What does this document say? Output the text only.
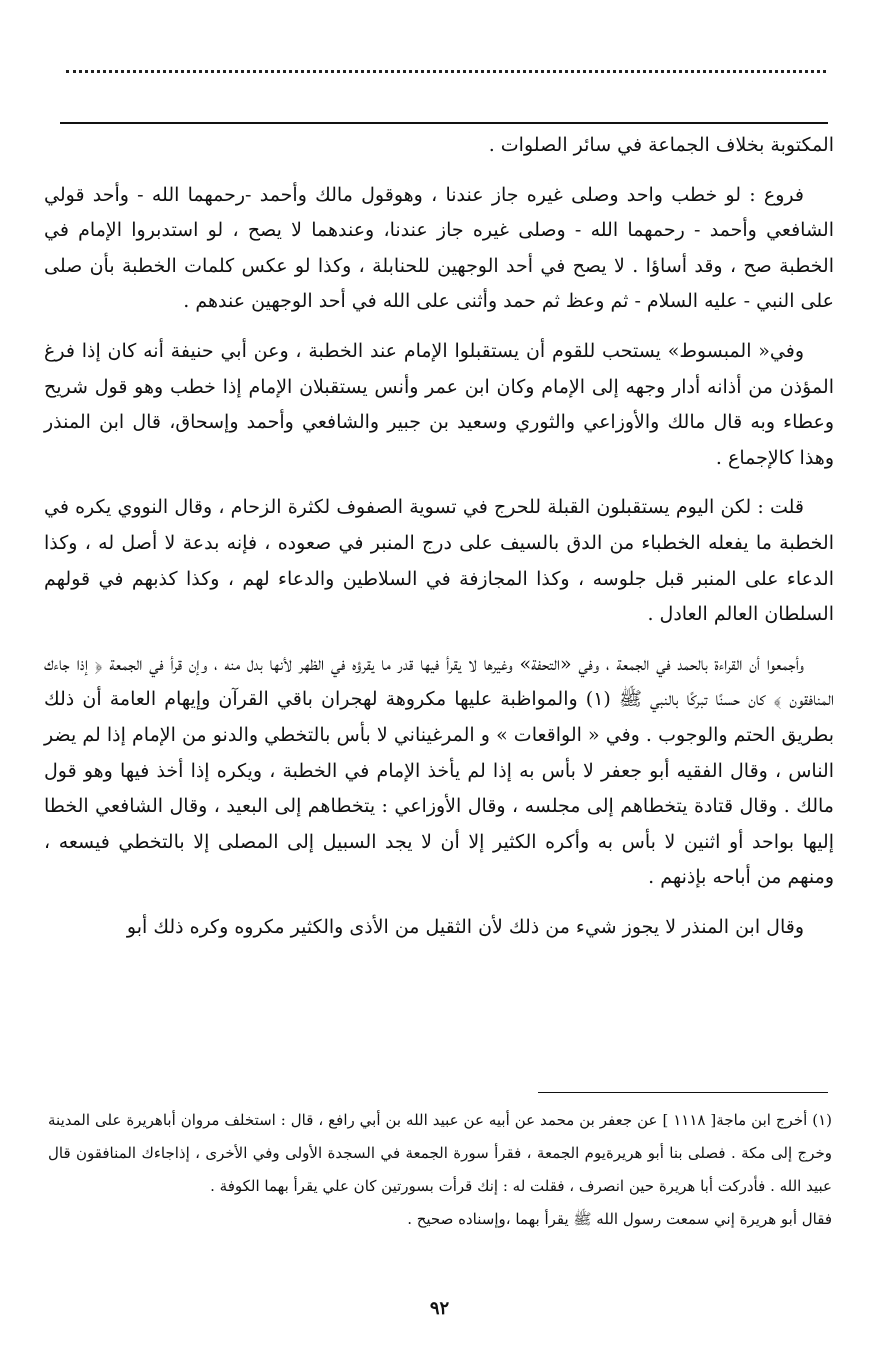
المكتوبة بخلاف الجماعة في سائر الصلوات .

فروع : لو خطب واحد وصلى غيره جاز عندنا ، وهوقول مالك وأحمد -رحمهما الله - وأحد قولي الشافعي وأحمد - رحمهما الله - وصلى غيره جاز عندنا، وعندهما لا يصح ، لو استدبروا الإمام في الخطبة صح ، وقد أساؤا . لا يصح في أحد الوجهين للحنابلة ، وكذا لو عكس كلمات الخطبة بأن صلى على النبي - عليه السلام - ثم وعظ ثم حمد وأثنى على الله في أحد الوجهين عندهم .

وفي« المبسوط» يستحب للقوم أن يستقبلوا الإمام عند الخطبة ، وعن أبي حنيفة أنه كان إذا فرغ المؤذن من أذانه أدار وجهه إلى الإمام وكان ابن عمر وأنس يستقبلان الإمام إذا خطب وهو قول شريح وعطاء وبه قال مالك والأوزاعي والثوري وسعيد بن جبير والشافعي وأحمد وإسحاق، قال ابن المنذر وهذا كالإجماع .

قلت : لكن اليوم يستقبلون القبلة للحرج في تسوية الصفوف لكثرة الزحام ، وقال النووي يكره في الخطبة ما يفعله الخطباء من الدق بالسيف على درج المنبر في صعوده ، فإنه بدعة لا أصل له ، وكذا الدعاء على المنبر قبل جلوسه ، وكذا المجازفة في السلاطين والدعاء لهم ، وكذا كذبهم في قولهم السلطان العالم العادل .

وأجمعوا أن القراءة بالحمد في الجمعة ، وفي «التحفة» وغيرها لا يقرأ فيها قدر ما يقرؤه في الظهر لأنها بدل منه ، وإن قرأ في الجمعة ﴿ إذا جاءك المنافقون ﴾ كان حسنًا تبركًا بالنبي ﷺ (١) والمواظبة عليها مكروهة لهجران باقي القرآن وإيهام العامة أن ذلك بطريق الحتم والوجوب . وفي « الواقعات » و المرغيناني لا بأس بالتخطي والدنو من الإمام إذا لم يضر الناس ، وقال الفقيه أبو جعفر لا بأس به إذا لم يأخذ الإمام في الخطبة ، ويكره إذا أخذ فيها وهو قول مالك . وقال قتادة يتخطاهم إلى مجلسه ، وقال الأوزاعي : يتخطاهم إلى البعيد ، وقال الشافعي الخطا إليها بواحد أو اثنين لا بأس به وأكره الكثير إلا أن لا يجد السبيل إلى المصلى إلا بالتخطي فيسعه ، ومنهم من أباحه بإذنهم .

وقال ابن المنذر لا يجوز شيء من ذلك لأن الثقيل من الأذى والكثير مكروه وكره ذلك أبو

(١) أخرج ابن ماجة[ ١١١٨ ] عن جعفر بن محمد عن أبيه عن عبيد الله بن أبي رافع ، قال : استخلف مروان أباهريرة على المدينة وخرج إلى مكة . فصلى بنا أبو هريرةيوم الجمعة ، فقرأ سورة الجمعة في السجدة الأولى وفي الأخرى ، إذاجاءك المنافقون قال عبيد الله . فأدركت أبا هريرة حين انصرف ، فقلت له : إنك قرأت بسورتين كان علي يقرأ بهما الكوفة .

فقال أبو هريرة إني سمعت رسول الله ﷺ يقرأ بهما ،وإسناده صحيح .

٩٢
